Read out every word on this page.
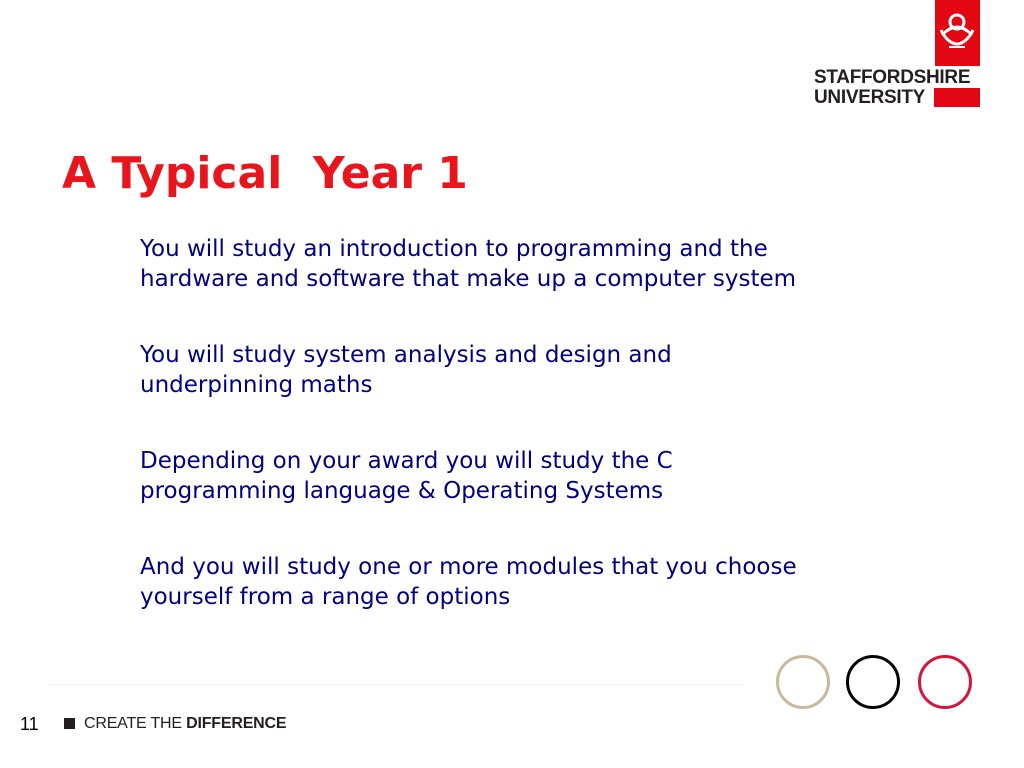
STAFFORDSHIRE
UNIVERSITY
A Typical  Year 1
You will study an introduction to programming and the
hardware and software that make up a computer system
You will study system analysis and design and
underpinning maths
Depending on your award you will study the C
programming language & Operating Systems
And you will study one or more modules that you choose
yourself from a range of options
11	CREATE THE DIFFERENCE
